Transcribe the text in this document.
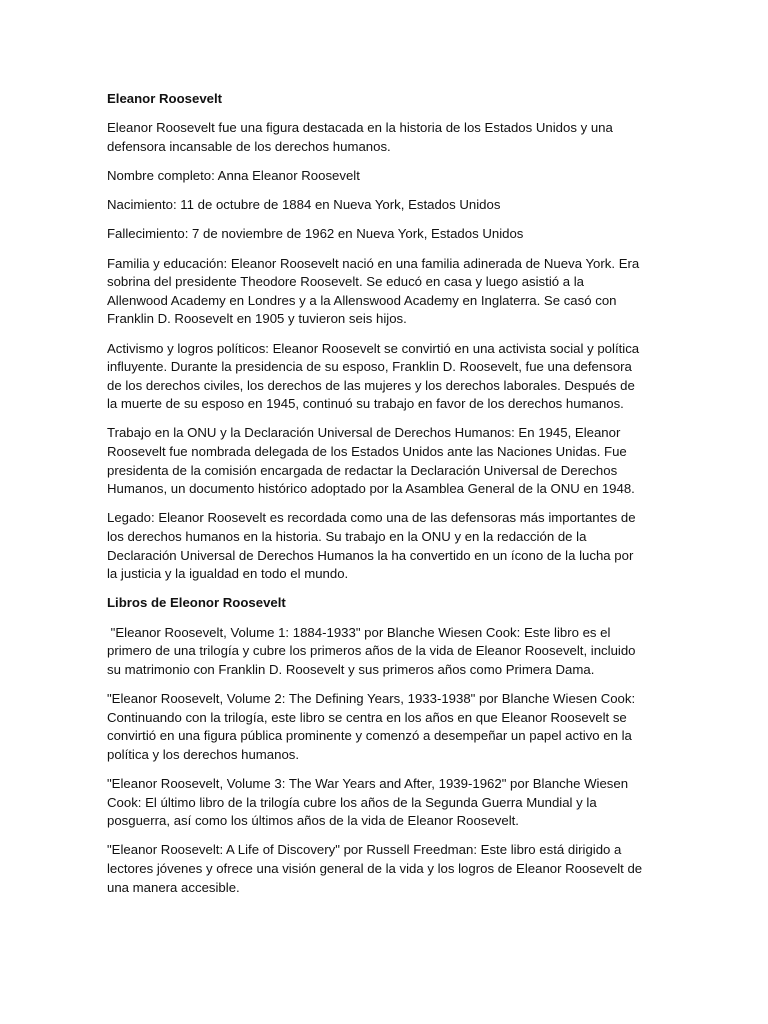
Eleanor Roosevelt

Eleanor Roosevelt fue una figura destacada en la historia de los Estados Unidos y una defensora incansable de los derechos humanos.

Nombre completo: Anna Eleanor Roosevelt

Nacimiento: 11 de octubre de 1884 en Nueva York, Estados Unidos

Fallecimiento: 7 de noviembre de 1962 en Nueva York, Estados Unidos

Familia y educación: Eleanor Roosevelt nació en una familia adinerada de Nueva York. Era sobrina del presidente Theodore Roosevelt. Se educó en casa y luego asistió a la Allenwood Academy en Londres y a la Allenswood Academy en Inglaterra. Se casó con Franklin D. Roosevelt en 1905 y tuvieron seis hijos.

Activismo y logros políticos: Eleanor Roosevelt se convirtió en una activista social y política influyente. Durante la presidencia de su esposo, Franklin D. Roosevelt, fue una defensora de los derechos civiles, los derechos de las mujeres y los derechos laborales. Después de la muerte de su esposo en 1945, continuó su trabajo en favor de los derechos humanos.

Trabajo en la ONU y la Declaración Universal de Derechos Humanos: En 1945, Eleanor Roosevelt fue nombrada delegada de los Estados Unidos ante las Naciones Unidas. Fue presidenta de la comisión encargada de redactar la Declaración Universal de Derechos Humanos, un documento histórico adoptado por la Asamblea General de la ONU en 1948.

Legado: Eleanor Roosevelt es recordada como una de las defensoras más importantes de los derechos humanos en la historia. Su trabajo en la ONU y en la redacción de la Declaración Universal de Derechos Humanos la ha convertido en un ícono de la lucha por la justicia y la igualdad en todo el mundo.

Libros de Eleonor Roosevelt

"Eleanor Roosevelt, Volume 1: 1884-1933" por Blanche Wiesen Cook: Este libro es el primero de una trilogía y cubre los primeros años de la vida de Eleanor Roosevelt, incluido su matrimonio con Franklin D. Roosevelt y sus primeros años como Primera Dama.

"Eleanor Roosevelt, Volume 2: The Defining Years, 1933-1938" por Blanche Wiesen Cook: Continuando con la trilogía, este libro se centra en los años en que Eleanor Roosevelt se convirtió en una figura pública prominente y comenzó a desempeñar un papel activo en la política y los derechos humanos.

"Eleanor Roosevelt, Volume 3: The War Years and After, 1939-1962" por Blanche Wiesen Cook: El último libro de la trilogía cubre los años de la Segunda Guerra Mundial y la posguerra, así como los últimos años de la vida de Eleanor Roosevelt.

"Eleanor Roosevelt: A Life of Discovery" por Russell Freedman: Este libro está dirigido a lectores jóvenes y ofrece una visión general de la vida y los logros de Eleanor Roosevelt de una manera accesible.
